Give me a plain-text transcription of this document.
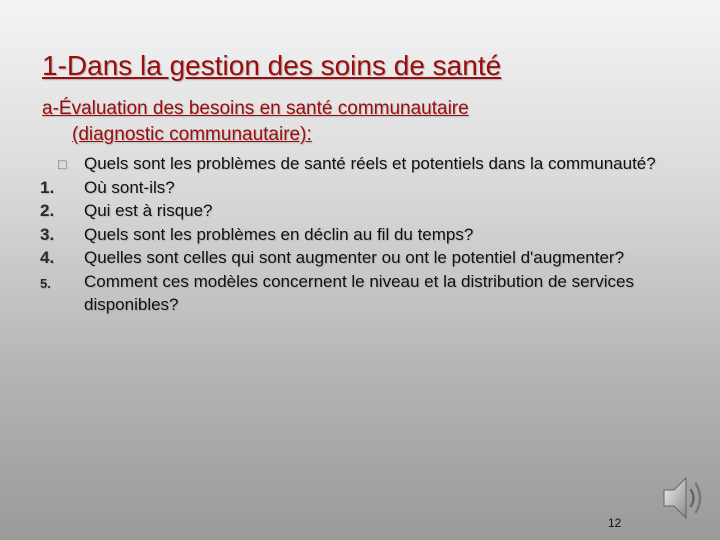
1-Dans la gestion des soins de santé
a-Évaluation des besoins en santé communautaire
(diagnostic communautaire):
□	Quels sont les problèmes de santé réels et potentiels dans la communauté?
1.	Où sont-ils?
2.	Qui est à risque?
3.	Quels sont les problèmes en déclin au fil du temps?
4.	Quelles sont celles qui sont augmenter ou ont le potentiel d'augmenter?
5.	Comment ces modèles concernent le niveau et la distribution de services disponibles?
12
